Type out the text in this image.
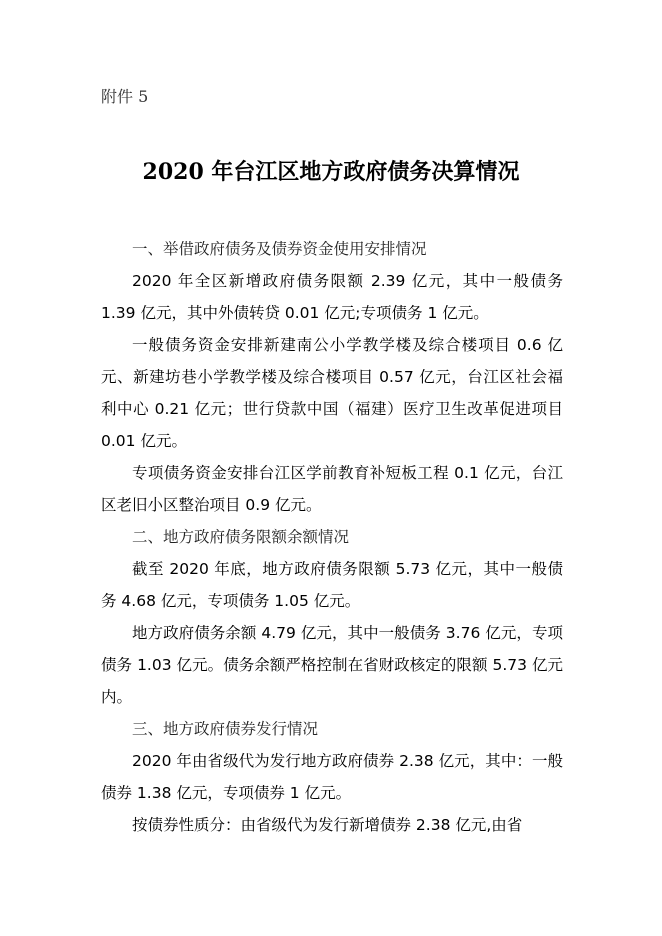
附件 5
2020 年台江区地方政府债务决算情况

一、举借政府债务及债券资金使用安排情况

2020 年全区新增政府债务限额 2.39 亿元，其中一般债务 1.39 亿元，其中外债转贷 0.01 亿元;专项债务 1 亿元。

一般债务资金安排新建南公小学教学楼及综合楼项目 0.6 亿元、新建坊巷小学教学楼及综合楼项目 0.57 亿元，台江区社会福利中心 0.21 亿元；世行贷款中国（福建）医疗卫生改革促进项目 0.01 亿元。

专项债务资金安排台江区学前教育补短板工程 0.1 亿元，台江区老旧小区整治项目 0.9 亿元。

二、地方政府债务限额余额情况

截至 2020 年底，地方政府债务限额 5.73 亿元，其中一般债务 4.68 亿元，专项债务 1.05 亿元。

地方政府债务余额 4.79 亿元，其中一般债务 3.76 亿元，专项债务 1.03 亿元。债务余额严格控制在省财政核定的限额 5.73 亿元内。

三、地方政府债券发行情况

2020 年由省级代为发行地方政府债券 2.38 亿元，其中：一般债券 1.38 亿元，专项债券 1 亿元。

按债券性质分：由省级代为发行新增债券 2.38 亿元,由省
